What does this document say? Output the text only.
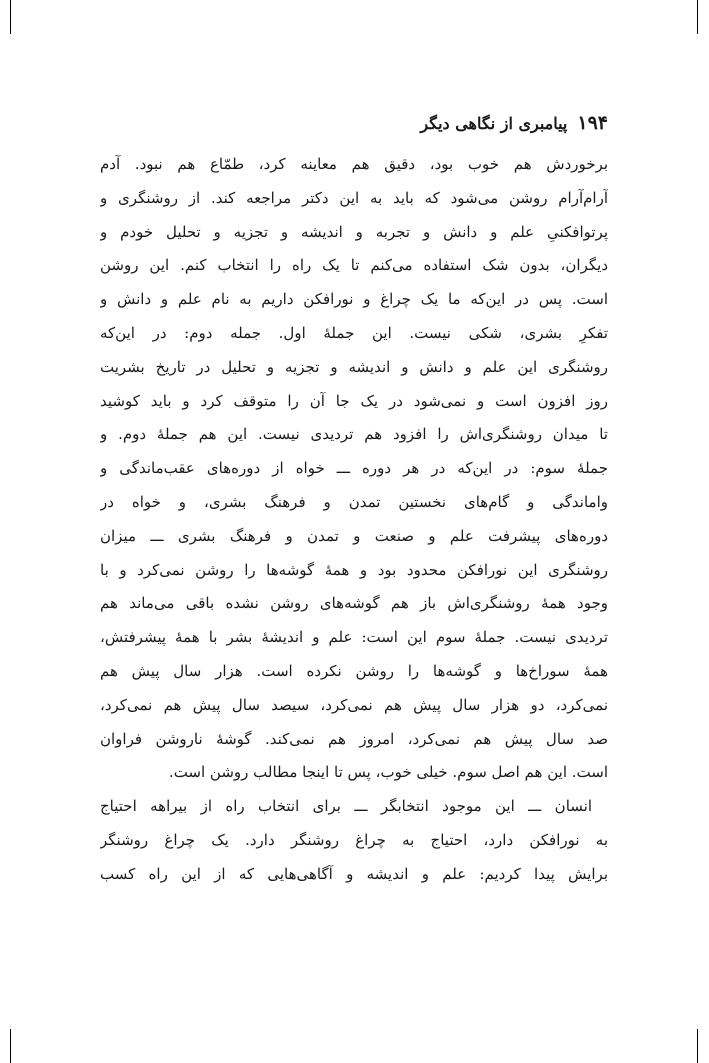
۱۹۴
پیامبری از نگاهی دیگر
برخوردش هم خوب بود، دقیق هم معاینه کرد، طمّاع هم نبود. آدم
آرام‌آرام روشن می‌شود که باید به این دکتر مراجعه کند. از روشنگری و
پرتوافکنیِ علم و دانش و تجربه و اندیشه و تجزیه و تحلیل خودم و
دیگران، بدون شک استفاده می‌کنم تا یک راه را انتخاب کنم. این روشن
است. پس در این‌که ما یک چراغ و نورافکن داریم به نام علم و دانش و
تفکرِ بشری، شکی نیست. این جملهٔ اول. جمله دوم: در این‌که
روشنگری این علم و دانش و اندیشه و تجزیه و تحلیل در تاریخ بشریت
روز افزون است و نمی‌شود در یک جا آن را متوقف کرد و باید کوشید
تا میدان روشنگری‌اش را افزود هم تردیدی نیست. این هم جملهٔ دوم. و
جملهٔ سوم: در این‌که در هر دوره ـــ خواه از دوره‌های عقب‌ماندگی و
واماندگی و گام‌های نخستین تمدن و فرهنگ بشری، و خواه در
دوره‌های پیشرفت علم و صنعت و تمدن و فرهنگ بشری ـــ میزان
روشنگری این نورافکن محدود بود و همهٔ گوشه‌ها را روشن نمی‌کرد و با
وجود همهٔ روشنگری‌اش باز هم گوشه‌های روشن نشده باقی می‌ماند هم
تردیدی نیست. جملهٔ سوم این است: علم و اندیشهٔ بشر با همهٔ پیشرفتش،
همهٔ سوراخ‌ها و گوشه‌ها را روشن نکرده است. هزار سال پیش هم
نمی‌کرد، دو هزار سال پیش هم نمی‌کرد، سیصد سال پیش هم نمی‌کرد،
صد سال پیش هم نمی‌کرد، امروز هم نمی‌کند. گوشهٔ ناروشن فراوان
است. این هم اصل سوم. خیلی خوب، پس تا اینجا مطالب روشن است.
انسان ـــ این موجود انتخابگر ـــ برای انتخاب راه از بیراهه احتیاج
به نورافکن دارد، احتیاج به چراغ روشنگر دارد. یک چراغ روشنگر
برایش پیدا کردیم: علم و اندیشه و آگاهی‌هایی که از این راه کسب
